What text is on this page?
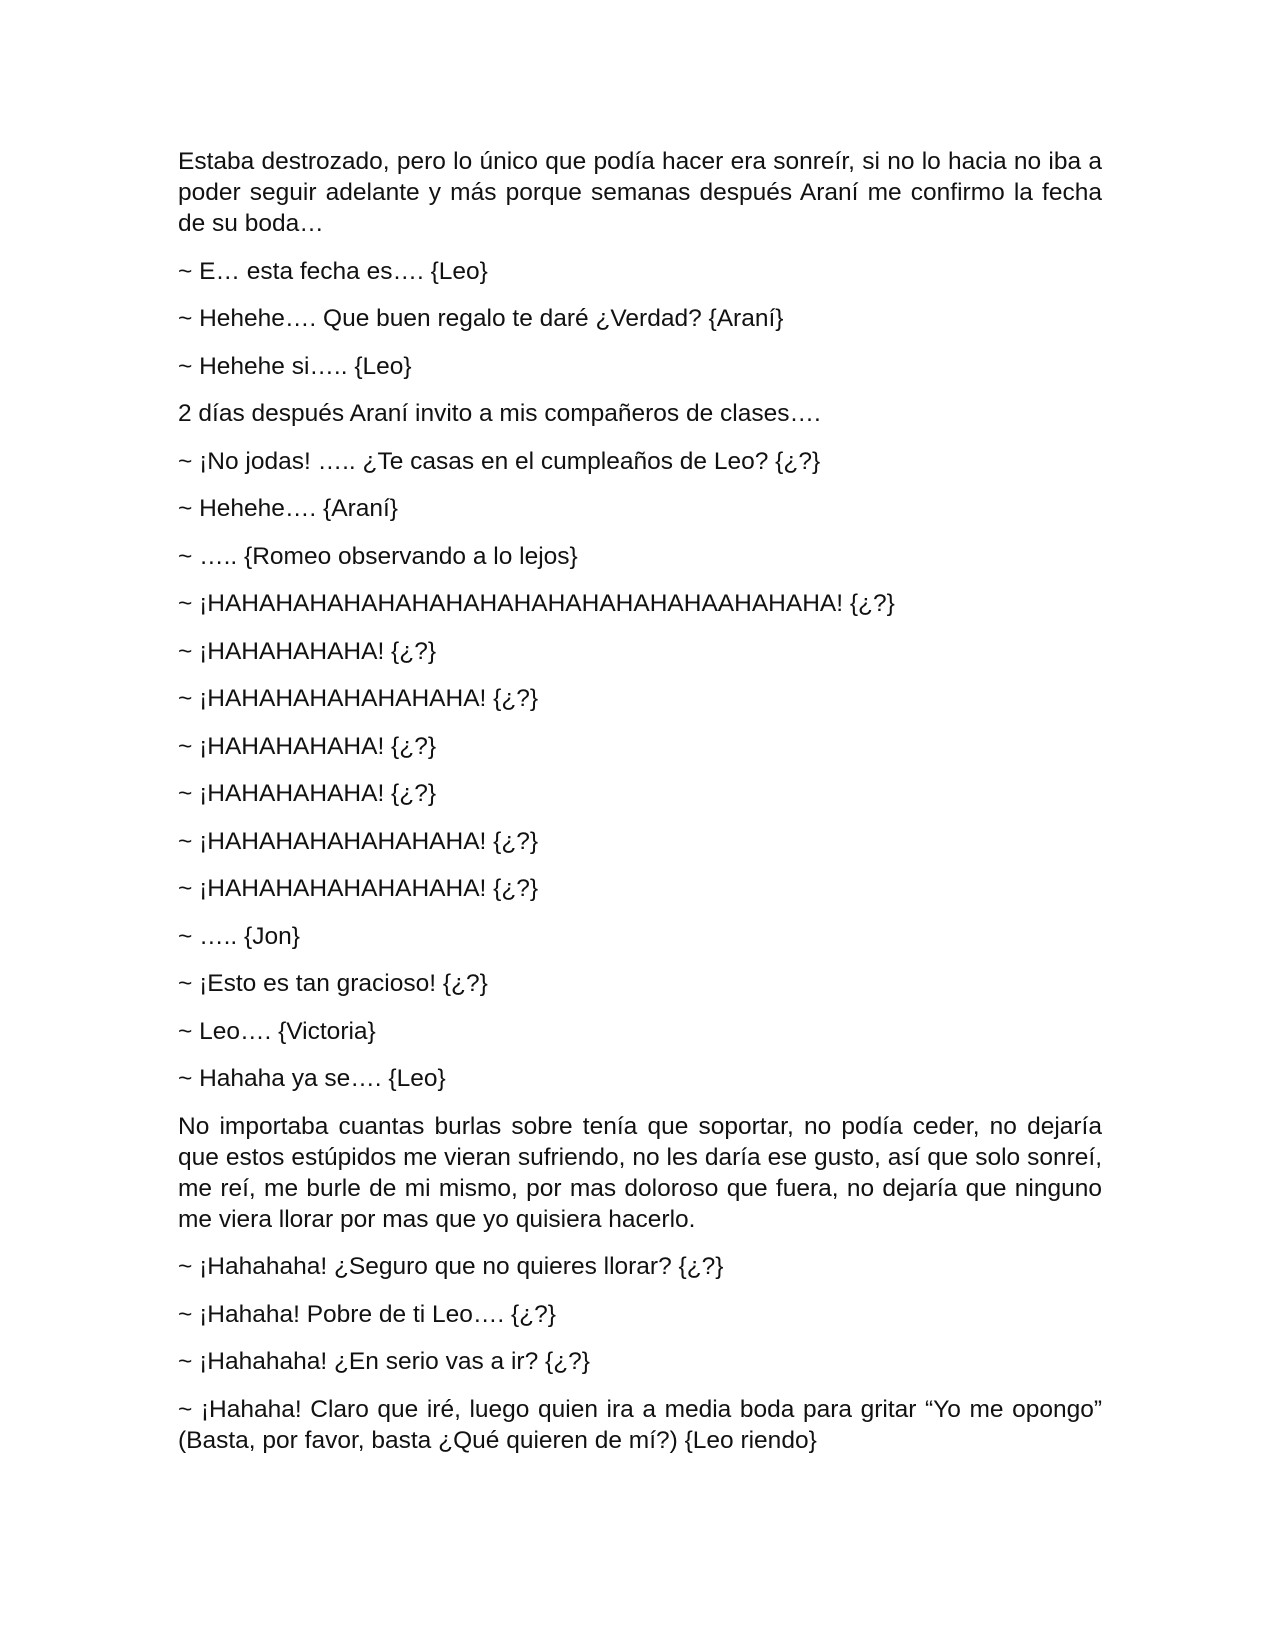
Estaba destrozado, pero lo único que podía hacer era sonreír, si no lo hacia no iba a poder seguir adelante y más porque semanas después Araní me confirmo la fecha de su boda…

~ E… esta fecha es…. {Leo}

~ Hehehe…. Que buen regalo te daré ¿Verdad? {Araní}

~ Hehehe si….. {Leo}

2 días después Araní invito a mis compañeros de clases….

~ ¡No jodas! ….. ¿Te casas en el cumpleaños de Leo? {¿?}

~ Hehehe…. {Araní}

~ ….. {Romeo observando a lo lejos}

~ ¡HAHAHAHAHAHAHAHAHAHAHAHAHAHAHAAHAHAHA! {¿?}

~ ¡HAHAHAHAHA! {¿?}

~ ¡HAHAHAHAHAHAHAHA! {¿?}

~ ¡HAHAHAHAHA! {¿?}

~ ¡HAHAHAHAHA! {¿?}

~ ¡HAHAHAHAHAHAHAHA! {¿?}

~ ¡HAHAHAHAHAHAHAHA! {¿?}

~ ….. {Jon}

~ ¡Esto es tan gracioso! {¿?}

~ Leo…. {Victoria}

~ Hahaha ya se…. {Leo}

No importaba cuantas burlas sobre tenía que soportar, no podía ceder, no dejaría que estos estúpidos me vieran sufriendo, no les daría ese gusto, así que solo sonreí, me reí, me burle de mi mismo, por mas doloroso que fuera, no dejaría que ninguno me viera llorar por mas que yo quisiera hacerlo.

~ ¡Hahahaha! ¿Seguro que no quieres llorar? {¿?}

~ ¡Hahaha! Pobre de ti Leo…. {¿?}

~ ¡Hahahaha! ¿En serio vas a ir? {¿?}

~ ¡Hahaha! Claro que iré, luego quien ira a media boda para gritar “Yo me opongo” (Basta, por favor, basta ¿Qué quieren de mí?) {Leo riendo}
